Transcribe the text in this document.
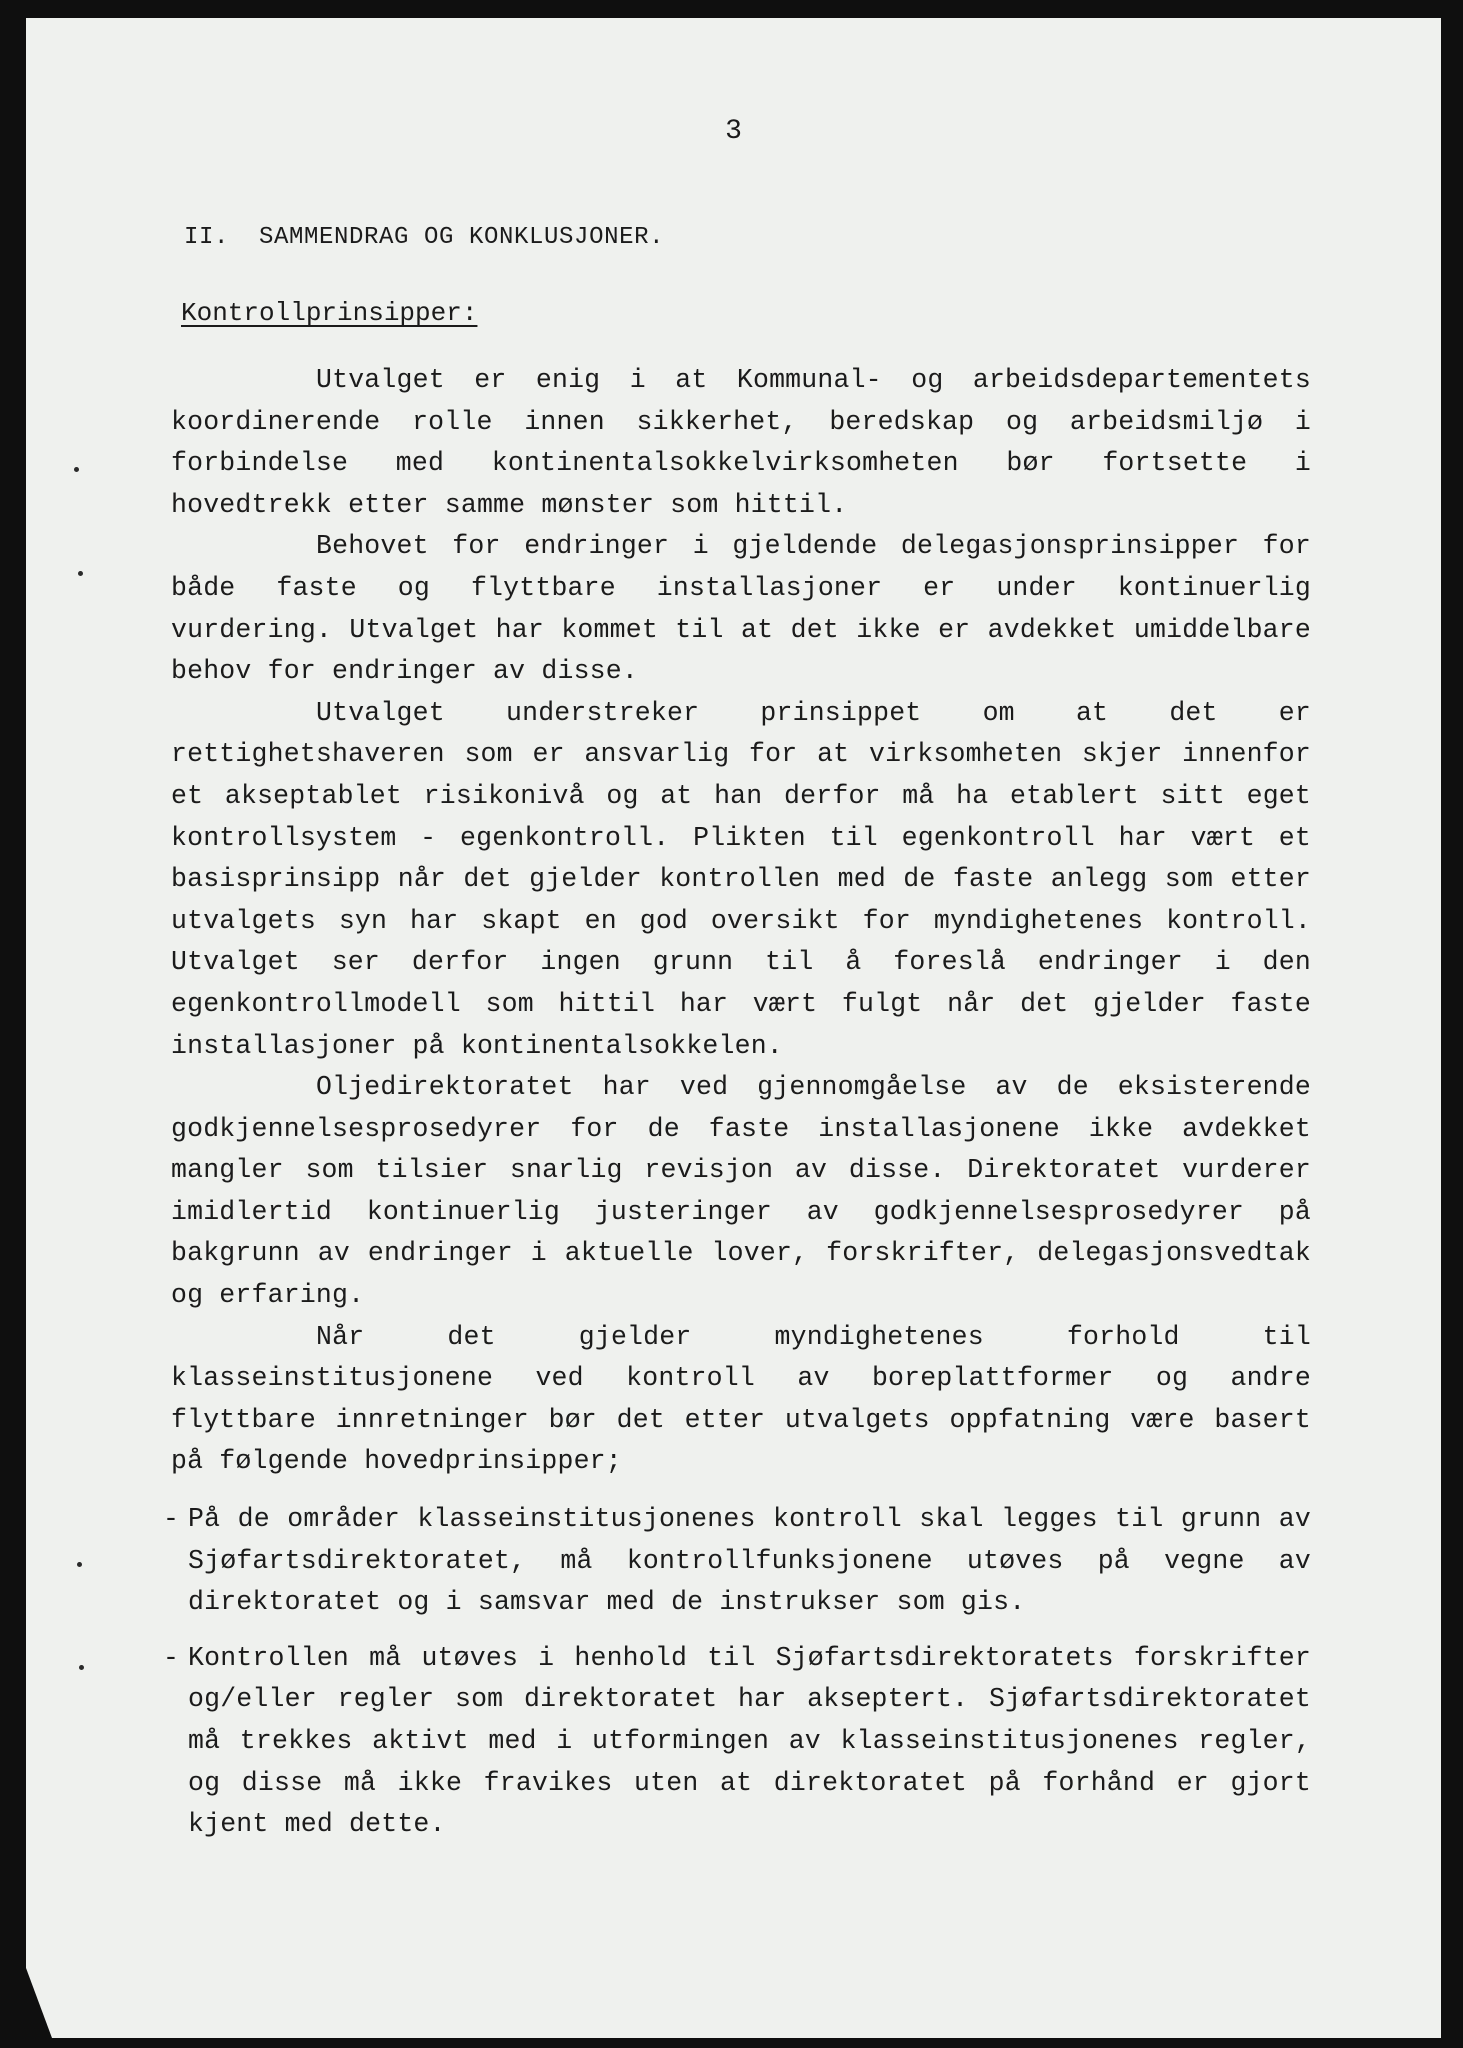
3
II.  SAMMENDRAG OG KONKLUSJONER.
Kontrollprinsipper:

Utvalget er enig i at Kommunal- og arbeidsdepartementets koordinerende rolle innen sikkerhet, beredskap og arbeidsmiljø i forbindelse med kontinentalsokkelvirksomheten bør fortsette i hovedtrekk etter samme mønster som hittil.

Behovet for endringer i gjeldende delegasjonsprinsipper for både faste og flyttbare installasjoner er under kontinuerlig vurdering. Utvalget har kommet til at det ikke er avdekket umiddelbare behov for endringer av disse.

Utvalget understreker prinsippet om at det er rettighetshaveren som er ansvarlig for at virksomheten skjer innenfor et akseptablet risikonivå og at han derfor må ha etablert sitt eget kontrollsystem - egenkontroll. Plikten til egenkontroll har vært et basisprinsipp når det gjelder kontrollen med de faste anlegg som etter utvalgets syn har skapt en god oversikt for myndighetenes kontroll. Utvalget ser derfor ingen grunn til å foreslå endringer i den egenkontrollmodell som hittil har vært fulgt når det gjelder faste installasjoner på kontinentalsokkelen.

Oljedirektoratet har ved gjennomgåelse av de eksisterende godkjennelsesprosedyrer for de faste installasjonene ikke avdekket mangler som tilsier snarlig revisjon av disse. Direktoratet vurderer imidlertid kontinuerlig justeringer av godkjennelsesprosedyrer på bakgrunn av endringer i aktuelle lover, forskrifter, delegasjonsvedtak og erfaring.

Når det gjelder myndighetenes forhold til klasseinstitusjonene ved kontroll av boreplattformer og andre flyttbare innretninger bør det etter utvalgets oppfatning være basert på følgende hovedprinsipper;

- På de områder klasseinstitusjonenes kontroll skal legges til grunn av Sjøfartsdirektoratet, må kontrollfunksjonene utøves på vegne av direktoratet og i samsvar med de instrukser som gis.
- Kontrollen må utøves i henhold til Sjøfartsdirektoratets forskrifter og/eller regler som direktoratet har akseptert. Sjøfartsdirektoratet må trekkes aktivt med i utformingen av klasseinstitusjonenes regler, og disse må ikke fravikes uten at direktoratet på forhånd er gjort kjent med dette.
